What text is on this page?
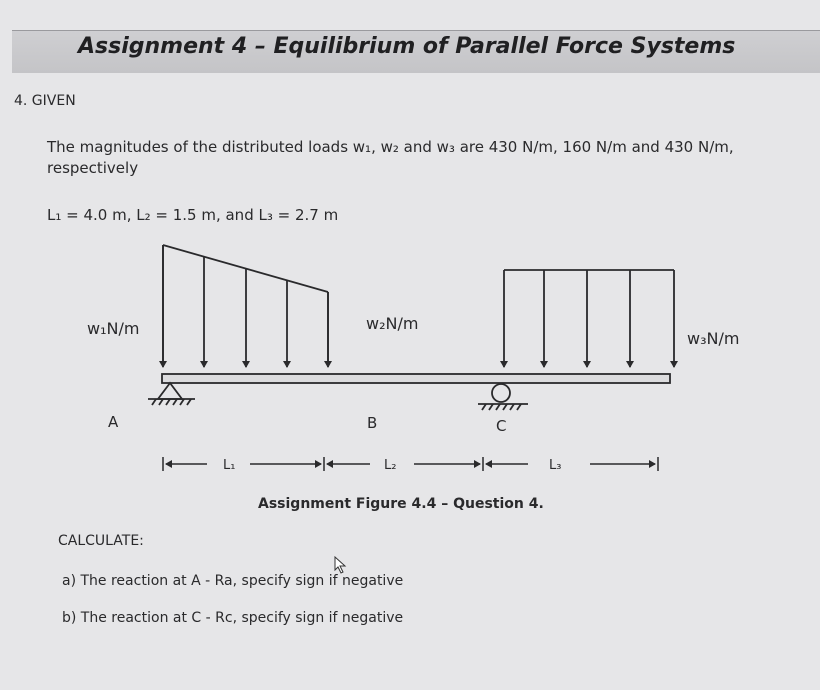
Assignment 4 – Equilibrium of Parallel Force Systems
4. GIVEN
The magnitudes of the distributed loads w₁, w₂ and w₃ are 430 N/m, 160 N/m and 430 N/m,
respectively
L₁ = 4.0 m, L₂ = 1.5 m, and L₃ = 2.7 m
w₁N/m	w₂N/m
w₃N/m
A	B	C
L₁	L₂	L₃
Assignment Figure 4.4 – Question 4.
CALCULATE:
a) The reaction at A - Ra, specify sign if negative
b) The reaction at C - Rc, specify sign if negative
